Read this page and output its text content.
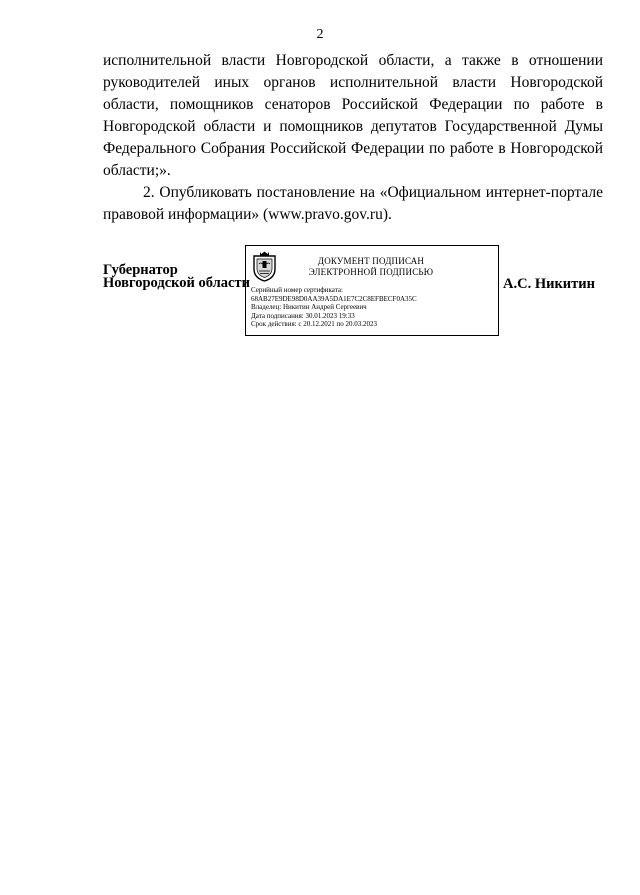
2

исполнительной власти Новгородской области, а также в отношении руководителей иных органов исполнительной власти Новгородской области, помощников сенаторов Российской Федерации по работе в Новгородской области и помощников депутатов Государственной Думы Федерального Собрания Российской Федерации по работе в Новгородской области;».

2. Опубликовать постановление на «Официальном интернет-портале правовой информации» (www.pravo.gov.ru).

Губернатор
Новгородской области
ДОКУМЕНТ ПОДПИСАН
ЭЛЕКТРОННОЙ ПОДПИСЬЮ
Серийный номер сертификата:
68AB27E9DE98D0AA39A5DA1E7C2C8EFBECF0A35C
Владелец: Никитин Андрей Сергеевич
Дата подписания: 30.01.2023 19:33
Срок действия: с 20.12.2021 по 20.03.2023
А.С. Никитин
